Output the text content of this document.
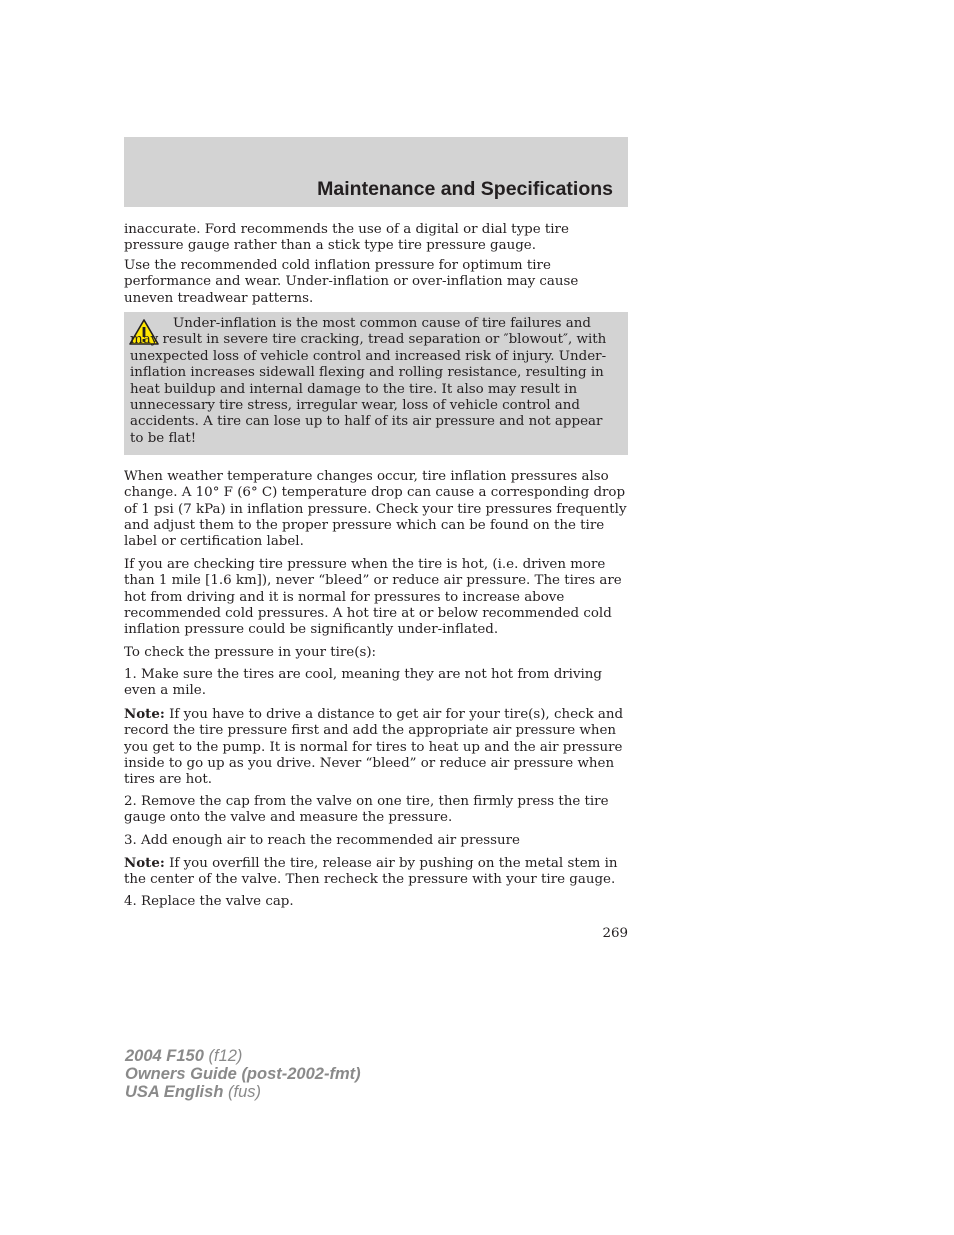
Maintenance and Specifications

inaccurate. Ford recommends the use of a digital or dial type tire pressure gauge rather than a stick type tire pressure gauge.

Use the recommended cold inflation pressure for optimum tire performance and wear. Under-inflation or over-inflation may cause uneven treadwear patterns.

Under-inflation is the most common cause of tire failures and may result in severe tire cracking, tread separation or ″blowout″, with unexpected loss of vehicle control and increased risk of injury. Under-inflation increases sidewall flexing and rolling resistance, resulting in heat buildup and internal damage to the tire. It also may result in unnecessary tire stress, irregular wear, loss of vehicle control and accidents. A tire can lose up to half of its air pressure and not appear to be flat!

When weather temperature changes occur, tire inflation pressures also change. A 10° F (6° C) temperature drop can cause a corresponding drop of 1 psi (7 kPa) in inflation pressure. Check your tire pressures frequently and adjust them to the proper pressure which can be found on the tire label or certification label.

If you are checking tire pressure when the tire is hot, (i.e. driven more than 1 mile [1.6 km]), never “bleed” or reduce air pressure. The tires are hot from driving and it is normal for pressures to increase above recommended cold pressures. A hot tire at or below recommended cold inflation pressure could be significantly under-inflated.

To check the pressure in your tire(s):

1. Make sure the tires are cool, meaning they are not hot from driving even a mile.

Note: If you have to drive a distance to get air for your tire(s), check and record the tire pressure first and add the appropriate air pressure when you get to the pump. It is normal for tires to heat up and the air pressure inside to go up as you drive. Never “bleed” or reduce air pressure when tires are hot.

2. Remove the cap from the valve on one tire, then firmly press the tire gauge onto the valve and measure the pressure.

3. Add enough air to reach the recommended air pressure

Note: If you overfill the tire, release air by pushing on the metal stem in the center of the valve. Then recheck the pressure with your tire gauge.

4. Replace the valve cap.

269

2004 F150 (f12)
Owners Guide (post-2002-fmt)
USA English (fus)
